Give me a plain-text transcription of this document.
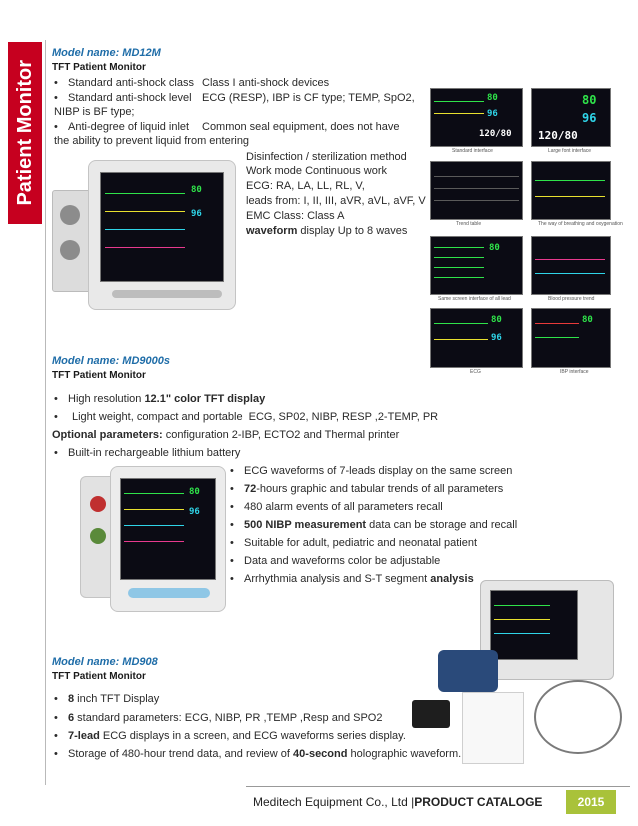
Patient Monitor
Model name: MD12M
TFT Patient Monitor
• Standard anti-shock class Class I anti-shock devices
• Standard anti-shock level ECG (RESP), IBP is CF type; TEMP, SpO2,
NIBP is BF type;
• Anti-degree of liquid inlet Common seal equipment, does not have
the ability to prevent liquid from entering
Disinfection / sterilization method
Work mode Continuous work
ECG: RA, LA, LL, RL, V,
leads from: I, II, III, aVR, aVL, aVF, V
EMC Class: Class A
waveform display Up to 8 waves
80
96
80
96
120/80
Standard interface
80
96
120/80
Large font interface
Trend table	The way of breathing and oxygenation
80
Same screen interface of all lead	Blood pressure trend
80
96
ECG
80
IBP interface
Model name: MD9000s
TFT Patient Monitor
• High resolution 12.1" color TFT display
• Light weight, compact and portable ECG, SP02, NIBP, RESP ,2-TEMP, PR
Optional parameters: configuration 2-IBP, ECTO2 and Thermal printer
• Built-in rechargeable lithium battery
• ECG waveforms of 7-leads display on the same screen
• 72-hours graphic and tabular trends of all parameters
• 480 alarm events of all parameters recall
• 500 NIBP measurement data can be storage and recall
• Suitable for adult, pediatric and neonatal patient
• Data and waveforms color be adjustable
• Arrhythmia analysis and S-T segment analysis
80
96
Model name: MD908
TFT Patient Monitor
• 8 inch TFT Display
• 6 standard parameters: ECG, NIBP, PR ,TEMP ,Resp and SPO2
• 7-lead ECG displays in a screen, and ECG waveforms series display.
• Storage of 480-hour trend data, and review of 40-second holographic waveform.
Meditech Equipment Co., Ltd |PRODUCT CATALOGE	2015
